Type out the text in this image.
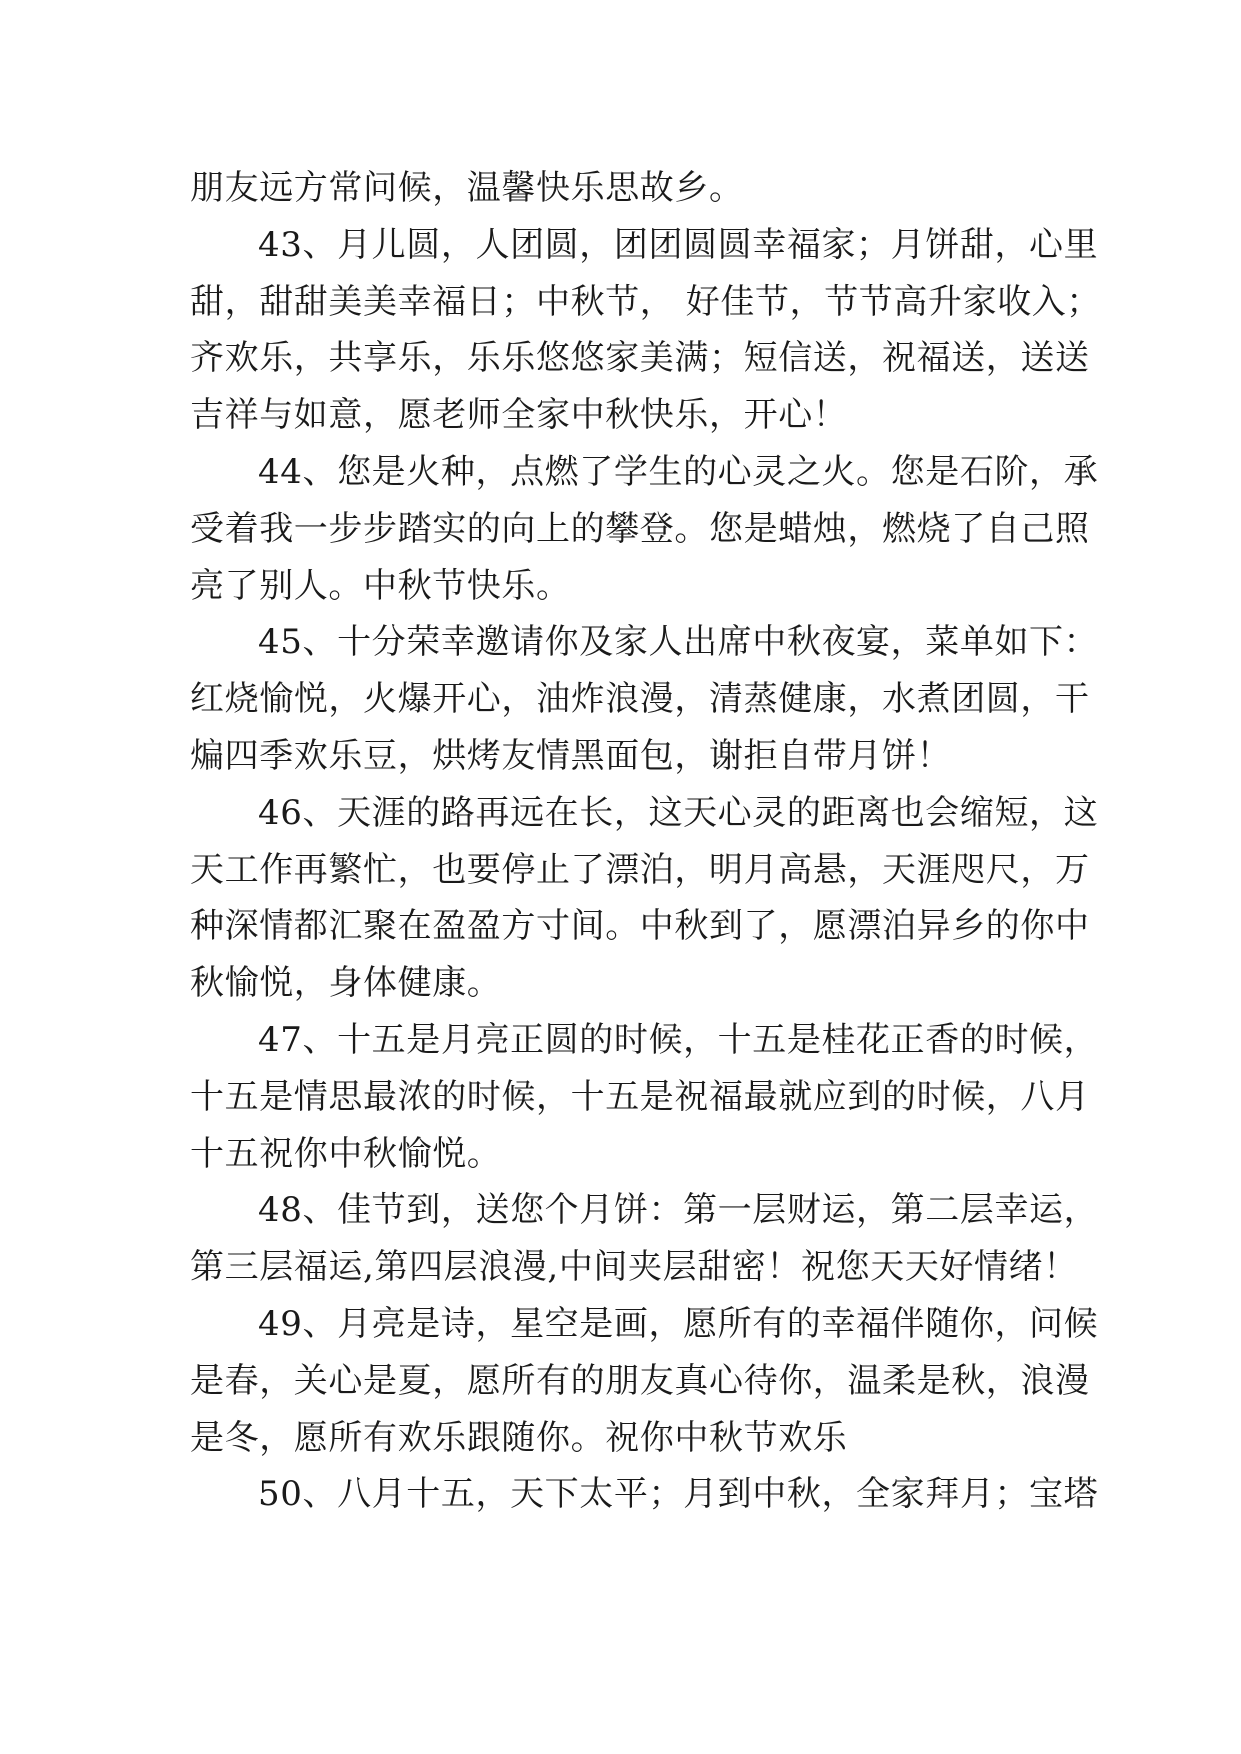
朋友远方常问候，温馨快乐思故乡。
43、月儿圆，人团圆，团团圆圆幸福家；月饼甜，心里
甜，甜甜美美幸福日；中秋节， 好佳节，节节高升家收入；
齐欢乐，共享乐，乐乐悠悠家美满；短信送，祝福送，送送
吉祥与如意，愿老师全家中秋快乐，开心！
44、您是火种，点燃了学生的心灵之火。您是石阶，承
受着我一步步踏实的向上的攀登。您是蜡烛，燃烧了自己照
亮了别人。中秋节快乐。
45、十分荣幸邀请你及家人出席中秋夜宴，菜单如下：
红烧愉悦，火爆开心，油炸浪漫，清蒸健康，水煮团圆，干
煸四季欢乐豆，烘烤友情黑面包，谢拒自带月饼！
46、天涯的路再远在长，这天心灵的距离也会缩短，这
天工作再繁忙，也要停止了漂泊，明月高悬，天涯咫尺，万
种深情都汇聚在盈盈方寸间。中秋到了，愿漂泊异乡的你中
秋愉悦，身体健康。
47、十五是月亮正圆的时候，十五是桂花正香的时候，
十五是情思最浓的时候，十五是祝福最就应到的时候，八月
十五祝你中秋愉悦。
48、佳节到，送您个月饼：第一层财运，第二层幸运，
第三层福运,第四层浪漫,中间夹层甜密！祝您天天好情绪！
49、月亮是诗，星空是画，愿所有的幸福伴随你，问候
是春，关心是夏，愿所有的朋友真心待你，温柔是秋，浪漫
是冬，愿所有欢乐跟随你。祝你中秋节欢乐
50、八月十五，天下太平；月到中秋，全家拜月；宝塔
